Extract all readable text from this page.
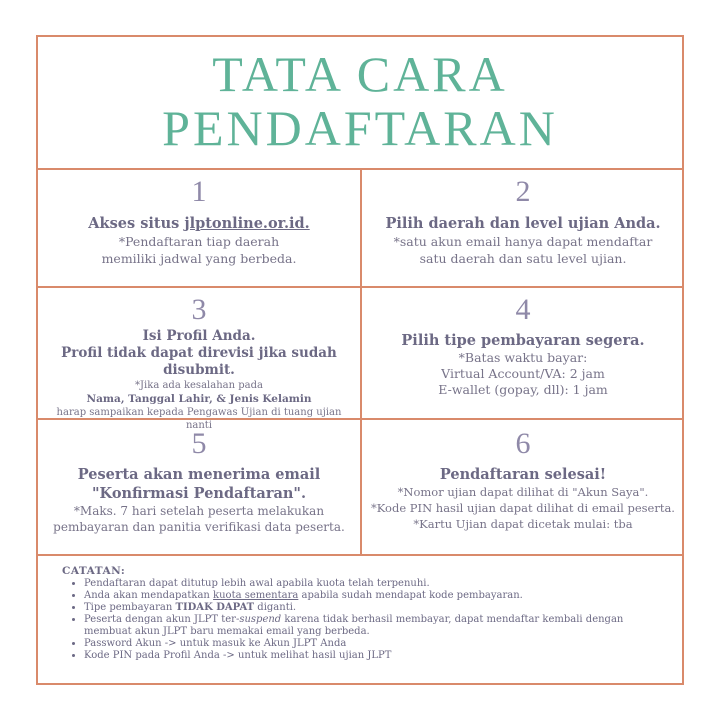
TATA CARA
PENDAFTARAN
1
Akses situs jlptonline.or.id.
*Pendaftaran tiap daerah
memiliki jadwal yang berbeda.
2
Pilih daerah dan level ujian Anda.
*satu akun email hanya dapat mendaftar
satu daerah dan satu level ujian.
3
Isi Profil Anda.
Profil tidak dapat direvisi jika sudah disubmit.
*Jika ada kesalahan pada
Nama, Tanggal Lahir, & Jenis Kelamin
harap sampaikan kepada Pengawas Ujian di tuang ujian nanti
4
Pilih tipe pembayaran segera.
*Batas waktu bayar:
Virtual Account/VA: 2 jam
E-wallet (gopay, dll): 1 jam
5
Peserta akan menerima email
"Konfirmasi Pendaftaran".
*Maks. 7 hari setelah peserta melakukan
pembayaran dan panitia verifikasi data peserta.
6
Pendaftaran selesai!
*Nomor ujian dapat dilihat di "Akun Saya".
*Kode PIN hasil ujian dapat dilihat di email peserta.
*Kartu Ujian dapat dicetak mulai: tba
CATATAN:
• Pendaftaran dapat ditutup lebih awal apabila kuota telah terpenuhi.
• Anda akan mendapatkan kuota sementara apabila sudah mendapat kode pembayaran.
• Tipe pembayaran TIDAK DAPAT diganti.
• Peserta dengan akun JLPT ter-suspend karena tidak berhasil membayar, dapat mendaftar kembali dengan membuat akun JLPT baru memakai email yang berbeda.
• Password Akun -> untuk masuk ke Akun JLPT Anda
• Kode PIN pada Profil Anda -> untuk melihat hasil ujian JLPT
